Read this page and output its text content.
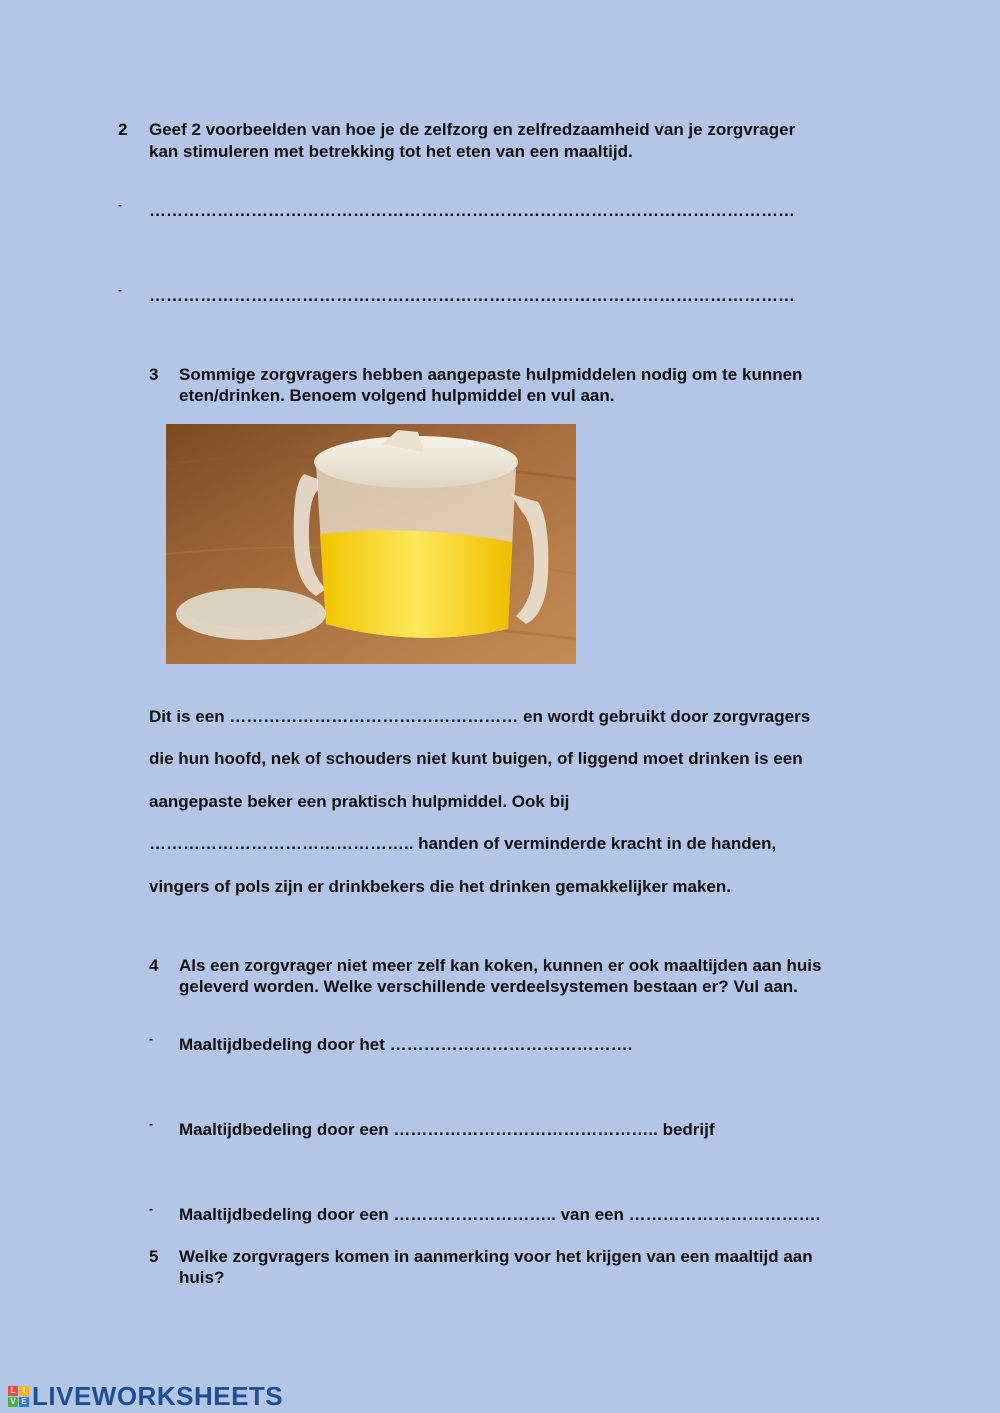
2 Geef 2 voorbeelden van hoe je de zelfzorg en zelfredzaamheid van je zorgvrager
kan stimuleren met betrekking tot het eten van een maaltijd.
- ……………………………………………………………………………………………………
- ……………………………………………………………………………………………………
3 Sommige zorgvragers hebben aangepaste hulpmiddelen nodig om te kunnen
eten/drinken. Benoem volgend hulpmiddel en vul aan.
Dit is een …………………………………………… en wordt gebruikt door zorgvragers
die hun hoofd, nek of schouders niet kunt buigen, of liggend moet drinken is een
aangepaste beker een praktisch hulpmiddel. Ook bij
……………………………………….. handen of verminderde kracht in de handen,
vingers of pols zijn er drinkbekers die het drinken gemakkelijker maken.
4 Als een zorgvrager niet meer zelf kan koken, kunnen er ook maaltijden aan huis
geleverd worden. Welke verschillende verdeelsystemen bestaan er? Vul aan.
- Maaltijdbedeling door het …………………………………….
- Maaltijdbedeling door een ……………………………………….. bedrijf
- Maaltijdbedeling door een ……………………….. van een …………………………….
5 Welke zorgvragers komen in aanmerking voor het krijgen van een maaltijd aan
huis?
L I
V E LIVEWORKSHEETS
